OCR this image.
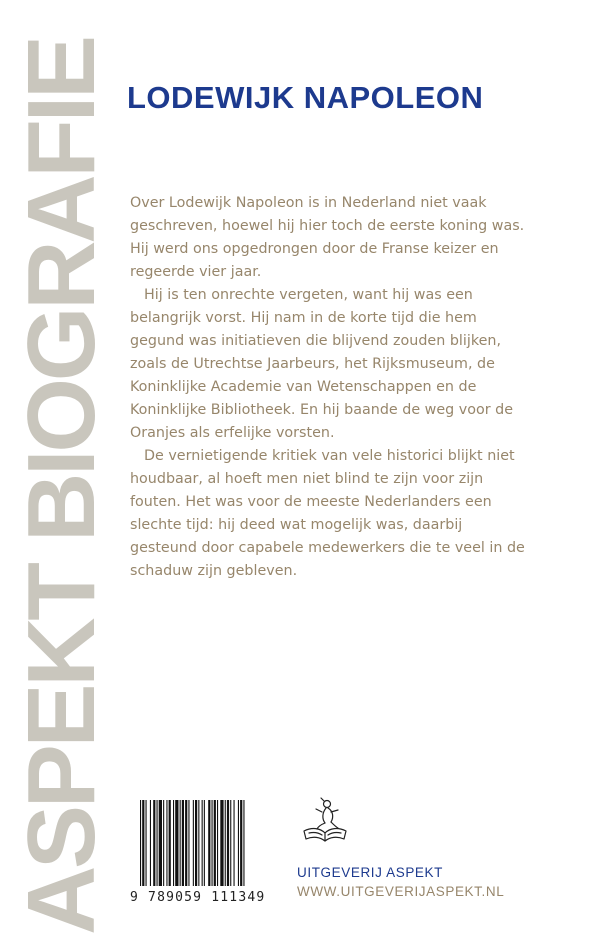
ASPEKT BIOGRAFIE LODEWIJK NAPOLEON

Over Lodewijk Napoleon is in Nederland niet vaak geschreven, hoewel hij hier toch de eerste koning was. Hij werd ons opgedrongen door de Franse keizer en regeerde vier jaar.

Hij is ten onrechte vergeten, want hij was een belangrijk vorst. Hij nam in de korte tijd die hem gegund was initiatieven die blijvend zouden blijken, zoals de Utrechtse Jaarbeurs, het Rijksmuseum, de Koninklijke Academie van Wetenschappen en de Koninklijke Bibliotheek. En hij baande de weg voor de Oranjes als erfelijke vorsten.

De vernietigende kritiek van vele historici blijkt niet houdbaar, al hoeft men niet blind te zijn voor zijn fouten. Het was voor de meeste Nederlanders een slechte tijd: hij deed wat mogelijk was, daarbij gesteund door capabele medewerkers die te veel in de schaduw zijn gebleven.

9 789059 111349
UITGEVERIJ ASPEKT
WWW.UITGEVERIJASPEKT.NL
